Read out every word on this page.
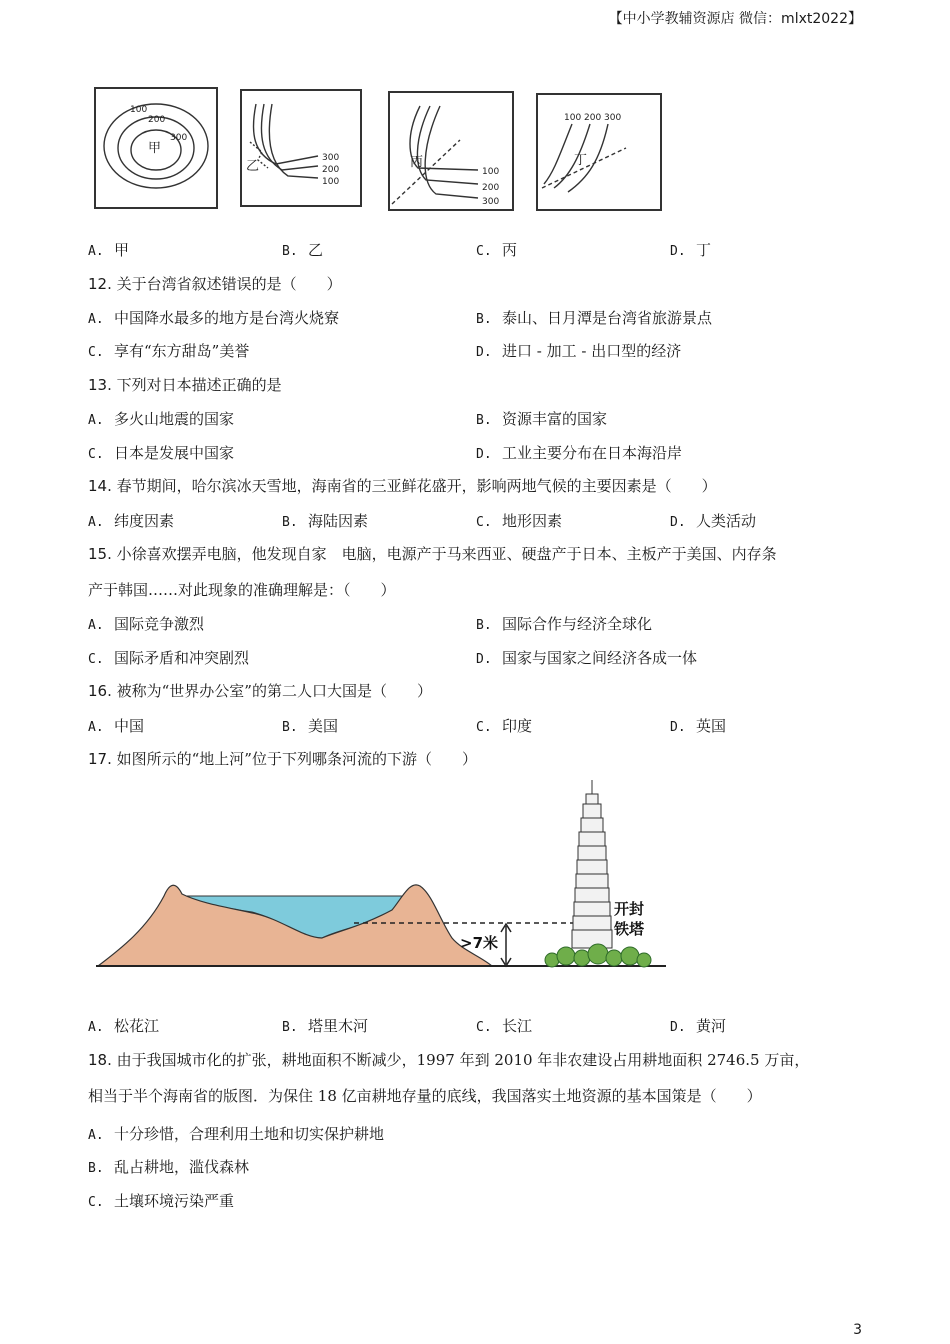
【中小学教辅资源店 微信：mlxt2022】
甲
100
200
300
乙
300
200
100
丙
100
200
300
丁
100 200 300
A. 甲	B. 乙	C. 丙	D. 丁
12. 关于台湾省叙述错误的是（　　）
A. 中国降水最多的地方是台湾火烧寮	B. 泰山、日月潭是台湾省旅游景点
C. 享有“东方甜岛”美誉	D. 进口 - 加工 - 出口型的经济
13. 下列对日本描述正确的是
A. 多火山地震的国家	B. 资源丰富的国家
C. 日本是发展中国家	D. 工业主要分布在日本海沿岸
14. 春节期间，哈尔滨冰天雪地，海南省的三亚鲜花盛开，影响两地气候的主要因素是（　　）
A. 纬度因素	B. 海陆因素	C. 地形因素	D. 人类活动
15. 小徐喜欢摆弄电脑，他发现自家　电脑，电源产于马来西亚、硬盘产于日本、主板产于美国、内存条
产于韩国……对此现象的准确理解是：（　　）
A. 国际竞争激烈	B. 国际合作与经济全球化
C. 国际矛盾和冲突剧烈	D. 国家与国家之间经济各成一体
16. 被称为“世界办公室”的第二人口大国是（　　）
A. 中国	B. 美国	C. 印度	D. 英国
17. 如图所示的“地上河”位于下列哪条河流的下游（　　）
>7米
开封
铁塔
A. 松花江	B. 塔里木河	C. 长江	D. 黄河
18. 由于我国城市化的扩张，耕地面积不断减少，1997 年到 2010 年非农建设占用耕地面积 2746.5 万亩，
相当于半个海南省的版图．为保住 18 亿亩耕地存量的底线，我国落实土地资源的基本国策是（　　）
A. 十分珍惜，合理利用土地和切实保护耕地
B. 乱占耕地，滥伐森林
C. 土壤环境污染严重
3
